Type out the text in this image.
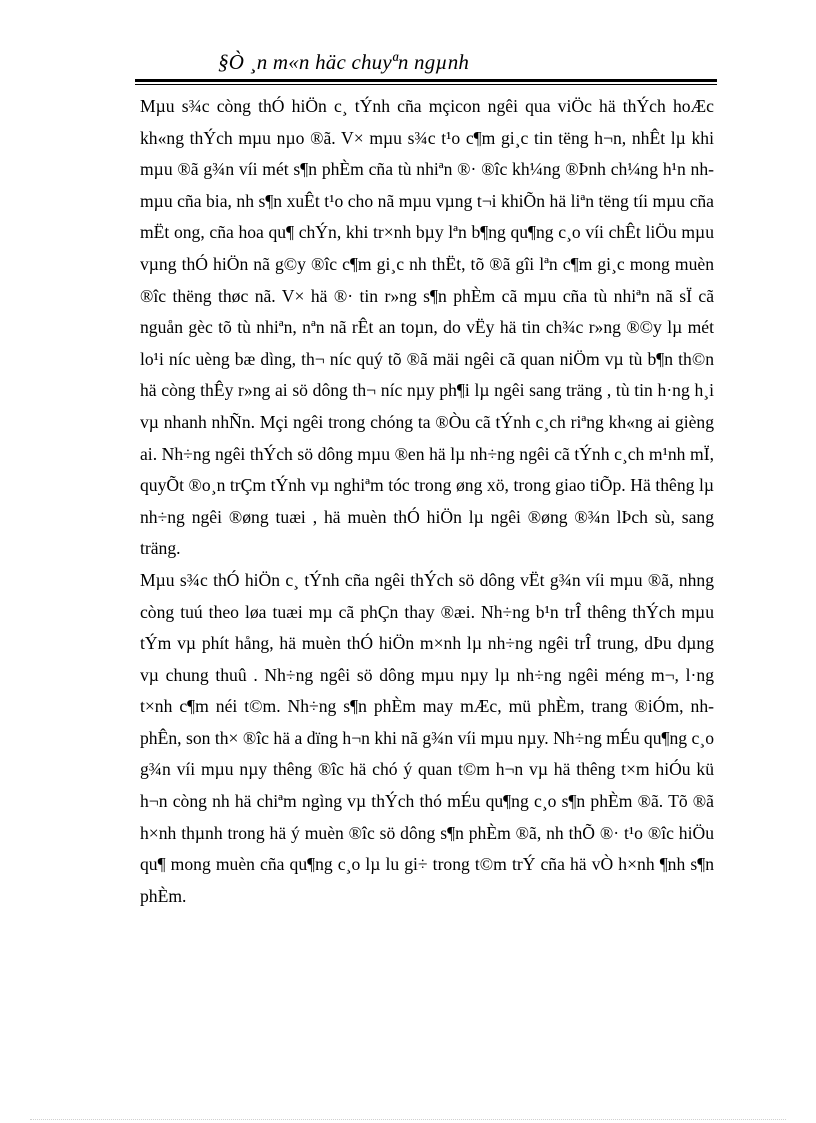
§Ò ¸n m«n häc chuyªn ngµnh

Mµu s¾c còng thÓ hiÖn c¸ tÝnh cña mçicon ngêi qua viÖc hä thÝch hoÆc kh«ng thÝch mµu nµo ®ã. V× mµu s¾c t¹o c¶m gi¸c tin tëng h¬n, nhÊt lµ khi mµu ®ã g¾n víi mét s¶n phÈm cña tù nhiªn ®· ®îc kh¼ng ®Þnh ch¼ng h¹n nh mµu cña bia, nh s¶n xuÊt t¹o cho nã mµu vµng t¬i khiÕn hä liªn tëng tíi mµu cña mËt ong, cña hoa qu¶ chÝn, khi tr×nh bµy lªn b¶ng qu¶ng c¸o víi chÊt liÖu mµu vµng thÓ hiÖn nã g©y ®îc c¶m gi¸c nh thËt, tõ ®ã gîi lªn c¶m gi¸c mong muèn ®îc thëng thøc nã. V× hä ®· tin r»ng s¶n phÈm cã mµu cña tù nhiªn nã sÏ cã nguån gèc tõ tù nhiªn, nªn nã rÊt an toµn, do vËy hä tin ch¾c r»ng ®©y lµ mét lo¹i níc uèng bæ dìng, th¬ níc quý tõ ®ã mäi ngêi cã quan niÖm vµ tù b¶n th©n hä còng thÊy r»ng ai sö dông th¬ níc nµy ph¶i lµ ngêi sang träng , tù tin h·ng h¸i vµ nhanh nhÑn. Mçi ngêi trong chóng ta ®Òu cã tÝnh c¸ch riªng kh«ng ai gièng ai. Nh÷ng ngêi thÝch sö dông mµu ®en hä lµ nh÷ng ngêi cã tÝnh c¸ch m¹nh mÏ, quyÕt ®o¸n trÇm tÝnh vµ nghiªm tóc trong øng xö, trong giao tiÕp. Hä thêng lµ nh÷ng ngêi ®øng tuæi , hä muèn thÓ hiÖn lµ ngêi ®øng ®¾n lÞch sù, sang träng.

Mµu s¾c thÓ hiÖn c¸ tÝnh cña ngêi thÝch sö dông vËt g¾n víi mµu ®ã, nhng còng tuú theo løa tuæi mµ cã phÇn thay ®æi. Nh÷ng b¹n trÎ thêng thÝch mµu tÝm vµ phít hång, hä muèn thÓ hiÖn m×nh lµ nh÷ng ngêi trÎ trung, dÞu dµng vµ chung thuû . Nh÷ng ngêi sö dông mµu nµy lµ nh÷ng ngêi méng m¬, l·ng t×nh c¶m néi t©m. Nh÷ng s¶n phÈm may mÆc, mü phÈm, trang ®iÓm, nh phÊn, son th× ®îc hä a dïng h¬n khi nã g¾n víi mµu nµy. Nh÷ng mÉu qu¶ng c¸o g¾n víi mµu nµy thêng ®îc hä chó ý quan t©m h¬n vµ hä thêng t×m hiÓu kü h¬n còng nh hä chiªm ngìng vµ thÝch thó mÉu qu¶ng c¸o s¶n phÈm ®ã. Tõ ®ã h×nh thµnh trong hä ý muèn ®îc sö dông s¶n phÈm ®ã, nh thÕ ®· t¹o ®îc hiÖu qu¶ mong muèn cña qu¶ng c¸o lµ lu gi÷ trong t©m trÝ cña hä vÒ h×nh ¶nh s¶n phÈm.
